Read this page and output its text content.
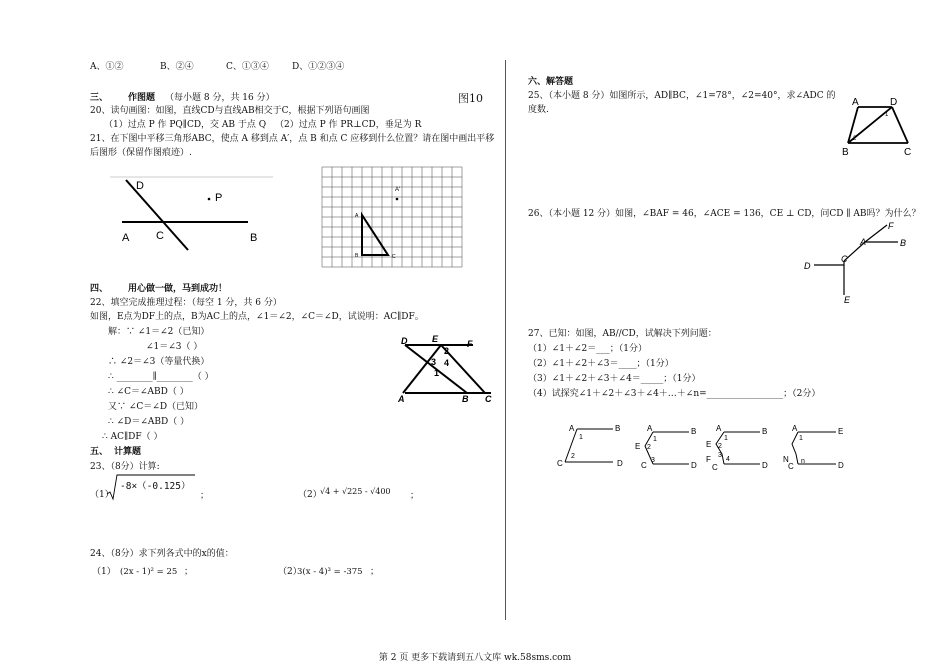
A、①②	B、②④	C、①③④	D、①②③④
三、 作图题 （每小题 8 分，共 16 分）	图10
20、读句画图：如图，直线CD与直线AB相交于C，根据下列语句画图
（1）过点 P 作 PQ∥CD，交 AB 于点 Q （2）过点 P 作 PR⊥CD，垂足为 R
21、在下图中平移三角形ABC，使点 A 移到点 A′，点 B 和点 C 应移到什么位置？请在图中画出平移
后图形（保留作图痕迹）.
D
P
A C	B
A′
A
B	C
四、 用心做一做，马到成功！
22、填空完成推理过程：（每空 1 分，共 6 分）
如图，E点为DF上的点，B为AC上的点，∠1＝∠2，∠C＝∠D，试说明：AC∥DF。
解：∵ ∠1＝∠2（已知）
∠1＝∠3（ ）
∴ ∠2＝∠3（等量代换）
∴ ________∥________（ ）
∴ ∠C＝∠ABD（ ）
又∵ ∠C＝∠D（已知）
∴ ∠D＝∠ABD（ ）
∴ AC∥DF（ ）
D	E	F
2
3 4
1
A	B C
五、 计算题
23、（8分）计算:
（1）
-8×（-0.125）
；	（2）
√4 + √225 - √400 ；
24、（8分）求下列各式中的x的值：
（1） (2x - 1)² = 25 ；	（2）
3(x - 4)³ = -375 ；
六、解答题
25、（本小题 8 分）如图所示，AD∥BC，∠1=78°，∠2=40°，求∠ADC 的
度数.
A	D
B	C
1
2
26、（本小题 12 分）如图，∠BAF = 46，∠ACE = 136，CE ⊥ CD，问CD ∥ AB吗？为什么？
F
A	B
D
C
E
27、已知：如图，AB//CD，试解决下列问题：
（1）∠1＋∠2＝___；（1分）
（2）∠1＋∠2＋∠3＝____；（1分）
（3）∠1＋∠2＋∠3＋∠4＝_____；（1分）
（4）试探究∠1＋∠2＋∠3＋∠4＋…＋∠n=_________________；（2分）
A	B
C	D
1
2
A	B
E
C	D
1
2
3
A	B
E
F
C	D
1
2
3
4
A	E
N
C	D
1
n
第 2 页 更多下载请到五八文库 wk.58sms.com
